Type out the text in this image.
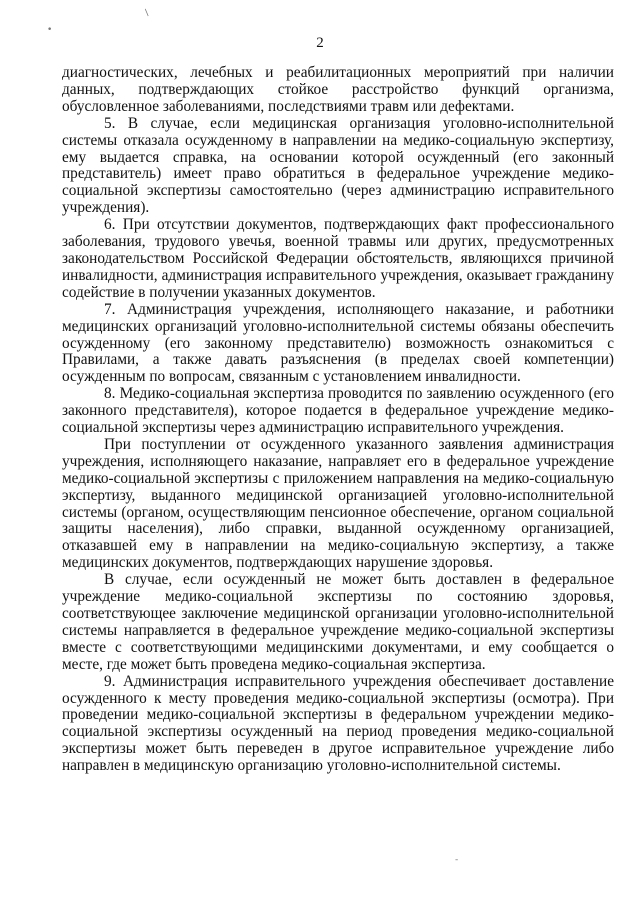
•
/
-
2

диагностических, лечебных и реабилитационных мероприятий при наличии данных, подтверждающих стойкое расстройство функций организма, обусловленное заболеваниями, последствиями травм или дефектами.

5. В случае, если медицинская организация уголовно-исполнительной системы отказала осужденному в направлении на медико-социальную экспертизу, ему выдается справка, на основании которой осужденный (его законный представитель) имеет право обратиться в федеральное учреждение медико-социальной экспертизы самостоятельно (через администрацию исправительного учреждения).

6. При отсутствии документов, подтверждающих факт профессионального заболевания, трудового увечья, военной травмы или других, предусмотренных законодательством Российской Федерации обстоятельств, являющихся причиной инвалидности, администрация исправительного учреждения, оказывает гражданину содействие в получении указанных документов.

7. Администрация учреждения, исполняющего наказание, и работники медицинских организаций уголовно-исполнительной системы обязаны обеспечить осужденному (его законному представителю) возможность ознакомиться с Правилами, а также давать разъяснения (в пределах своей компетенции) осужденным по вопросам, связанным с установлением инвалидности.

8. Медико-социальная экспертиза проводится по заявлению осужденного (его законного представителя), которое подается в федеральное учреждение медико-социальной экспертизы через администрацию исправительного учреждения.

При поступлении от осужденного указанного заявления администрация учреждения, исполняющего наказание, направляет его в федеральное учреждение медико-социальной экспертизы с приложением направления на медико-социальную экспертизу, выданного медицинской организацией уголовно-исполнительной системы (органом, осуществляющим пенсионное обеспечение, органом социальной защиты населения), либо справки, выданной осужденному организацией, отказавшей ему в направлении на медико-социальную экспертизу, а также медицинских документов, подтверждающих нарушение здоровья.

В случае, если осужденный не может быть доставлен в федеральное учреждение медико-социальной экспертизы по состоянию здоровья, соответствующее заключение медицинской организации уголовно-исполнительной системы направляется в федеральное учреждение медико-социальной экспертизы вместе с соответствующими медицинскими документами, и ему сообщается о месте, где может быть проведена медико-социальная экспертиза.

9. Администрация исправительного учреждения обеспечивает доставление осужденного к месту проведения медико-социальной экспертизы (осмотра). При проведении медико-социальной экспертизы в федеральном учреждении медико-социальной экспертизы осужденный на период проведения медико-социальной экспертизы может быть переведен в другое исправительное учреждение либо направлен в медицинскую организацию уголовно-исполнительной системы.
